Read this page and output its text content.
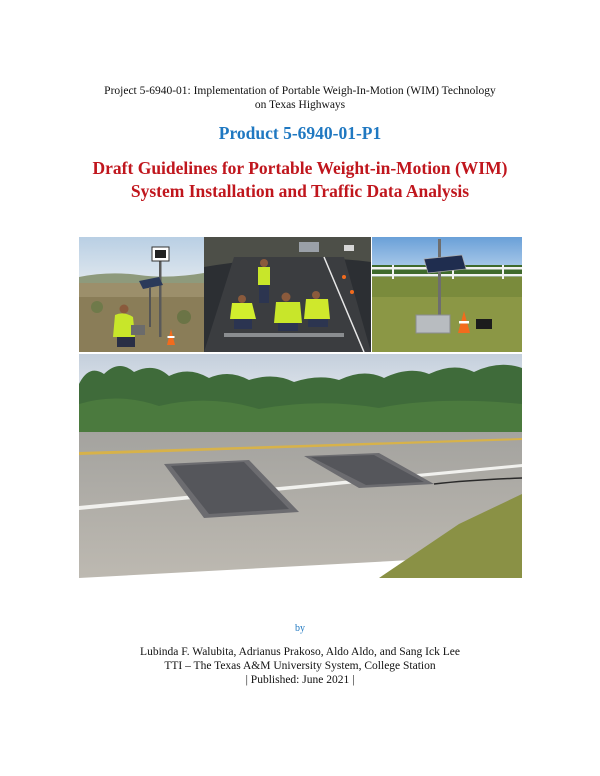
Project 5-6940-01: Implementation of Portable Weigh-In-Motion (WIM) Technology
on Texas Highways
Product 5-6940-01-P1
Draft Guidelines for Portable Weight-in-Motion (WIM)
System Installation and Traffic Data Analysis
by
Lubinda F. Walubita, Adrianus Prakoso, Aldo Aldo, and Sang Ick Lee
TTI – The Texas A&M University System, College Station
| Published: June 2021 |
